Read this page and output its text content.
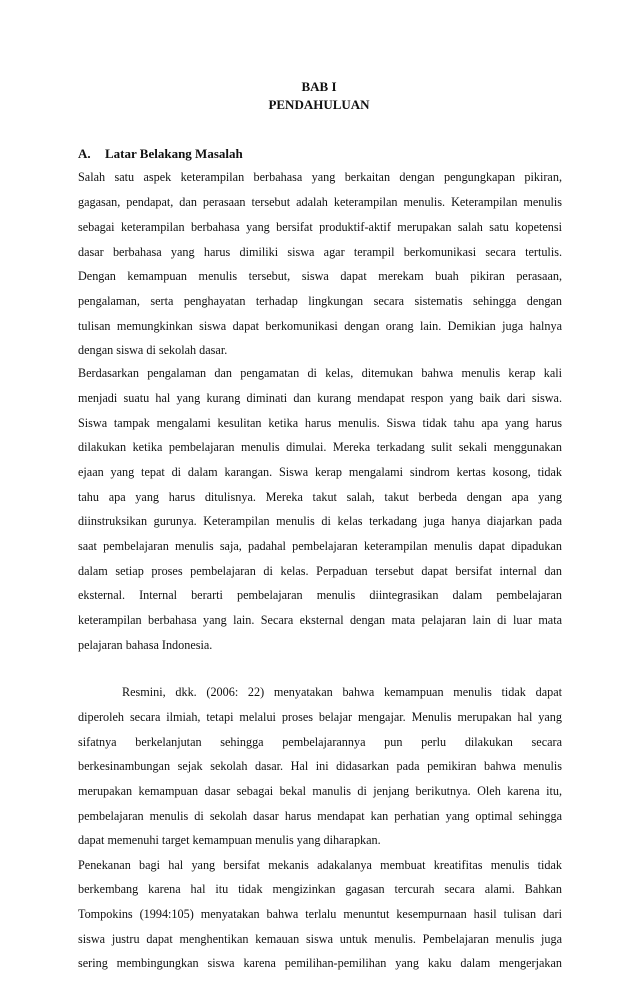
BAB I
PENDAHULUAN
A. Latar Belakang Masalah
Salah satu aspek keterampilan berbahasa yang berkaitan dengan pengungkapan pikiran,
gagasan, pendapat, dan perasaan tersebut adalah keterampilan menulis. Keterampilan menulis
sebagai keterampilan berbahasa yang bersifat produktif-aktif merupakan salah satu kopetensi
dasar berbahasa yang harus dimiliki siswa agar terampil berkomunikasi secara tertulis.
Dengan kemampuan menulis tersebut, siswa dapat merekam buah pikiran perasaan,
pengalaman, serta penghayatan terhadap lingkungan secara sistematis sehingga dengan
tulisan memungkinkan siswa dapat berkomunikasi dengan orang lain. Demikian juga halnya
dengan siswa di sekolah dasar.
Berdasarkan pengalaman dan pengamatan di kelas, ditemukan bahwa menulis kerap kali
menjadi suatu hal yang kurang diminati dan kurang mendapat respon yang baik dari siswa.
Siswa tampak mengalami kesulitan ketika harus menulis. Siswa tidak tahu apa yang harus
dilakukan ketika pembelajaran menulis dimulai. Mereka terkadang sulit sekali menggunakan
ejaan yang tepat di dalam karangan. Siswa kerap mengalami sindrom kertas kosong, tidak
tahu apa yang harus ditulisnya. Mereka takut salah, takut berbeda dengan apa yang
diinstruksikan gurunya. Keterampilan menulis di kelas terkadang juga hanya diajarkan pada
saat pembelajaran menulis saja, padahal pembelajaran keterampilan menulis dapat dipadukan
dalam setiap proses pembelajaran di kelas. Perpaduan tersebut dapat bersifat internal dan
eksternal. Internal berarti pembelajaran menulis diintegrasikan dalam pembelajaran
keterampilan berbahasa yang lain. Secara eksternal dengan mata pelajaran lain di luar mata
pelajaran bahasa Indonesia.
Resmini, dkk. (2006: 22) menyatakan bahwa kemampuan menulis tidak dapat
diperoleh secara ilmiah, tetapi melalui proses belajar mengajar. Menulis merupakan hal yang
sifatnya berkelanjutan sehingga pembelajarannya pun perlu dilakukan secara
berkesinambungan sejak sekolah dasar. Hal ini didasarkan pada pemikiran bahwa menulis
merupakan kemampuan dasar sebagai bekal manulis di jenjang berikutnya. Oleh karena itu,
pembelajaran menulis di sekolah dasar harus mendapat kan perhatian yang optimal sehingga
dapat memenuhi target kemampuan menulis yang diharapkan.
Penekanan bagi hal yang bersifat mekanis adakalanya membuat kreatifitas menulis tidak
berkembang karena hal itu tidak mengizinkan gagasan tercurah secara alami. Bahkan
Tompokins (1994:105) menyatakan bahwa terlalu menuntut kesempurnaan hasil tulisan dari
siswa justru dapat menghentikan kemauan siswa untuk menulis. Pembelajaran menulis juga
sering membingungkan siswa karena pemilihan-pemilihan yang kaku dalam mengerjakan
